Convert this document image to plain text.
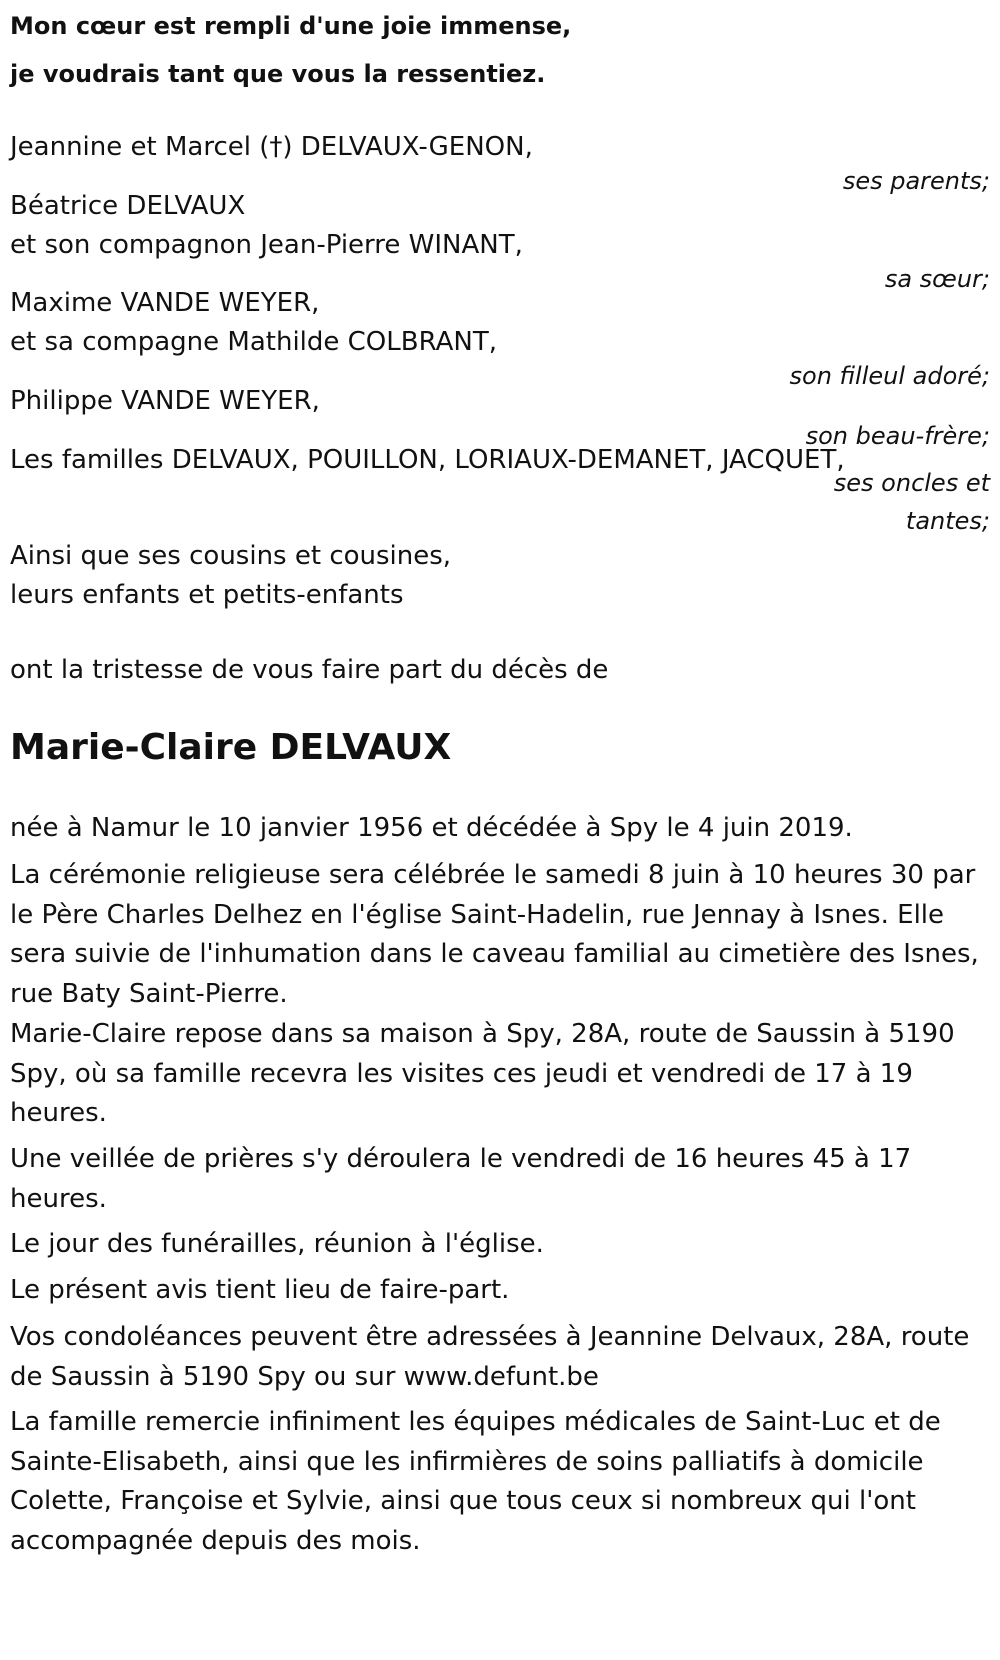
Mon cœur est rempli d'une joie immense,
je voudrais tant que vous la ressentiez.
Jeannine et Marcel (†) DELVAUX-GENON,
ses parents;
Béatrice DELVAUX
et son compagnon Jean-Pierre WINANT,
sa sœur;
Maxime VANDE WEYER,
et sa compagne Mathilde COLBRANT,
son filleul adoré;
Philippe VANDE WEYER,
son beau-frère;
Les familles DELVAUX, POUILLON, LORIAUX-DEMANET, JACQUET,
ses oncles et
tantes;
Ainsi que ses cousins et cousines,
leurs enfants et petits-enfants
ont la tristesse de vous faire part du décès de
Marie-Claire DELVAUX

née à Namur le 10 janvier 1956 et décédée à Spy le 4 juin 2019.

La cérémonie religieuse sera célébrée le samedi 8 juin à 10 heures 30 par le Père Charles Delhez en l'église Saint-Hadelin, rue Jennay à Isnes. Elle sera suivie de l'inhumation dans le caveau familial au cimetière des Isnes, rue Baty Saint-Pierre.

Marie-Claire repose dans sa maison à Spy, 28A, route de Saussin à 5190 Spy, où sa famille recevra les visites ces jeudi et vendredi de 17 à 19 heures.

Une veillée de prières s'y déroulera le vendredi de 16 heures 45 à 17 heures.

Le jour des funérailles, réunion à l'église.

Le présent avis tient lieu de faire-part.

Vos condoléances peuvent être adressées à Jeannine Delvaux, 28A, route de Saussin à 5190 Spy ou sur www.defunt.be

La famille remercie infiniment les équipes médicales de Saint-Luc et de Sainte-Elisabeth, ainsi que les infirmières de soins palliatifs à domicile Colette, Françoise et Sylvie, ainsi que tous ceux si nombreux qui l'ont accompagnée depuis des mois.
